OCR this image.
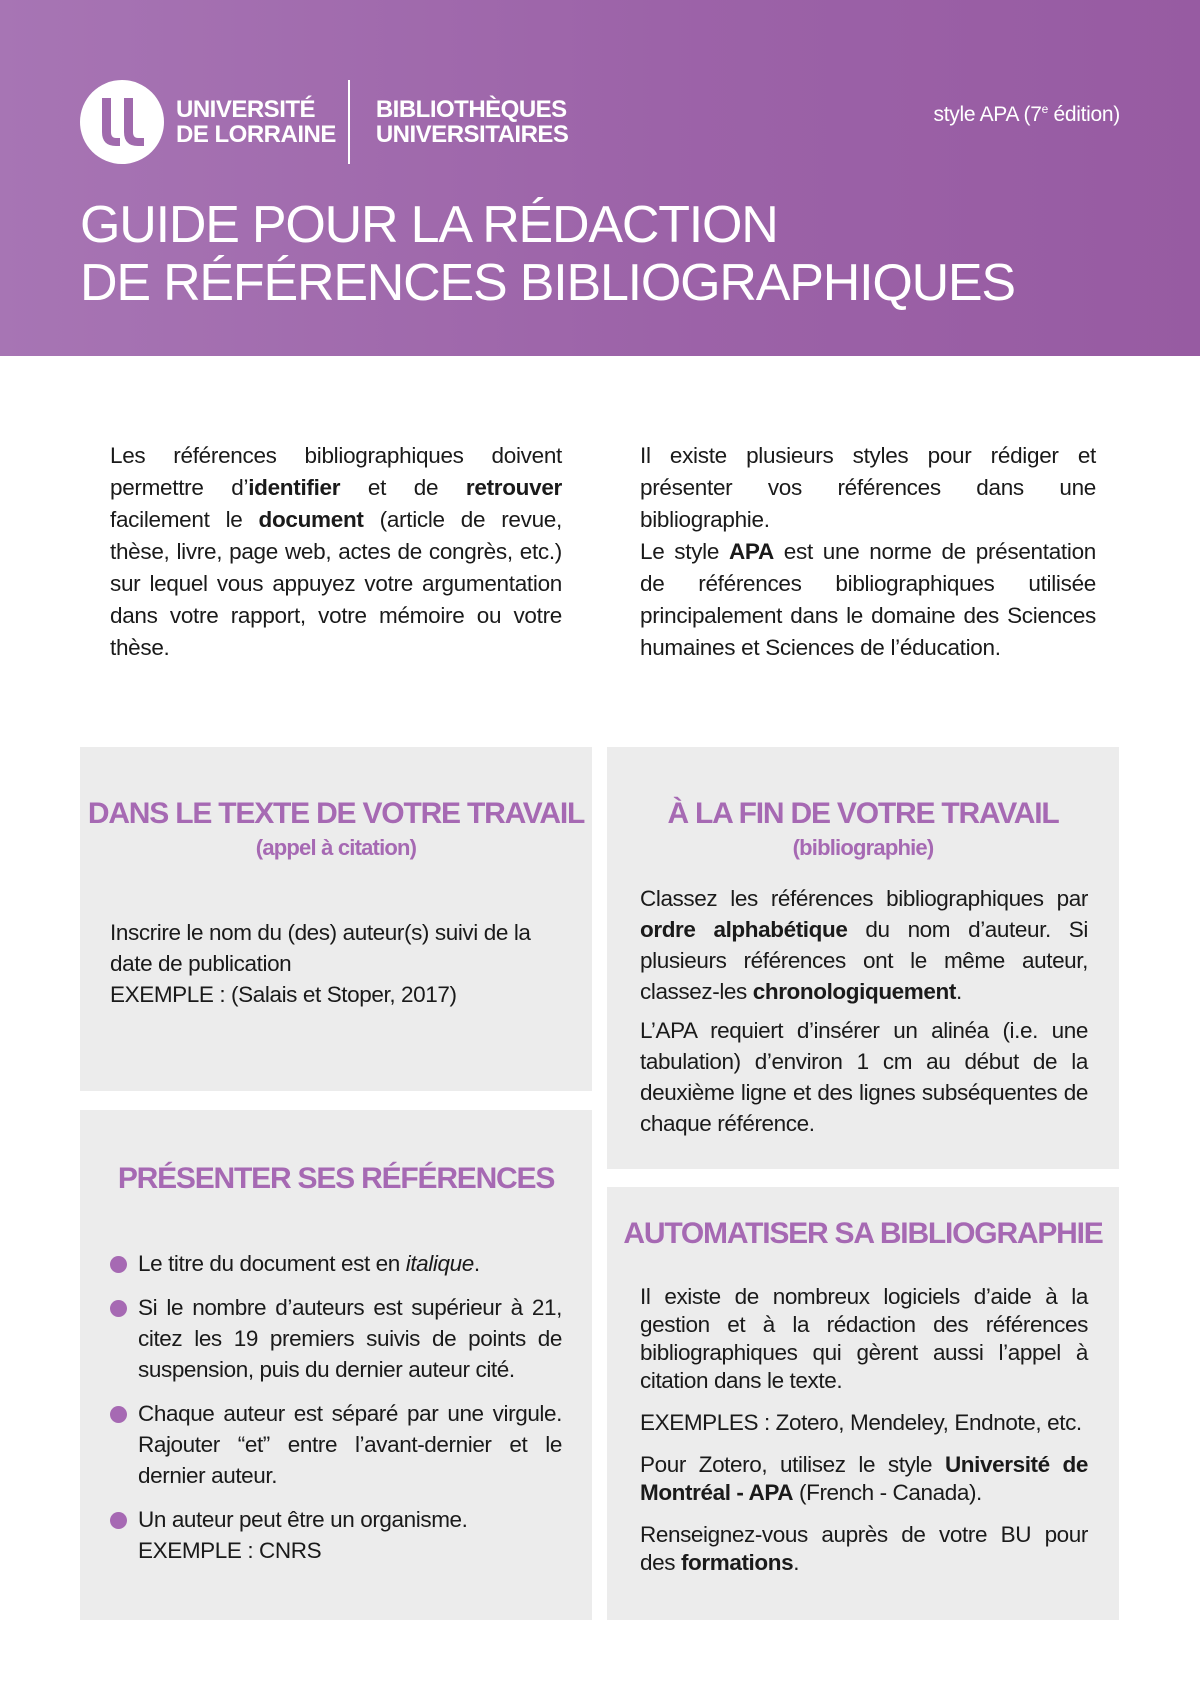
UNIVERSITÉ
DE LORRAINE
BIBLIOTHÈQUES
UNIVERSITAIRES
style APA (7e édition)
GUIDE POUR LA RÉDACTION
DE RÉFÉRENCES BIBLIOGRAPHIQUES

Les références bibliographiques doivent permettre d’identifier et de retrouver facilement le document (article de revue, thèse, livre, page web, actes de congrès, etc.) sur lequel vous appuyez votre argumentation dans votre rapport, votre mémoire ou votre thèse.

Il existe plusieurs styles pour rédiger et présenter vos références dans une bibliographie.

Le style APA est une norme de présentation de références bibliographiques utilisée principalement dans le domaine des Sciences humaines et Sciences de l’éducation.

DANS LE TEXTE DE VOTRE TRAVAIL
(appel à citation)

Inscrire le nom du (des) auteur(s) suivi de la date de publication

EXEMPLE : (Salais et Stoper, 2017)

À LA FIN DE VOTRE TRAVAIL
(bibliographie)

Classez les références bibliographiques par ordre alphabétique du nom d’auteur. Si plusieurs références ont le même auteur, classez-les chronologiquement.

L’APA requiert d’insérer un alinéa (i.e. une tabulation) d’environ 1 cm au début de la deuxième ligne et des lignes subséquentes de chaque référence.

PRÉSENTER SES RÉFÉRENCES
Le titre du document est en italique.
Si le nombre d’auteurs est supérieur à 21, citez les 19 premiers suivis de points de suspension, puis du dernier auteur cité.
Chaque auteur est séparé par une virgule. Rajouter “et” entre l’avant-dernier et le dernier auteur.
Un auteur peut être un organisme.
EXEMPLE : CNRS
AUTOMATISER SA BIBLIOGRAPHIE

Il existe de nombreux logiciels d’aide à la gestion et à la rédaction des références bibliographiques qui gèrent aussi l’appel à citation dans le texte.

EXEMPLES : Zotero, Mendeley, Endnote, etc.

Pour Zotero, utilisez le style Université de Montréal - APA (French - Canada).

Renseignez-vous auprès de votre BU pour des formations.
